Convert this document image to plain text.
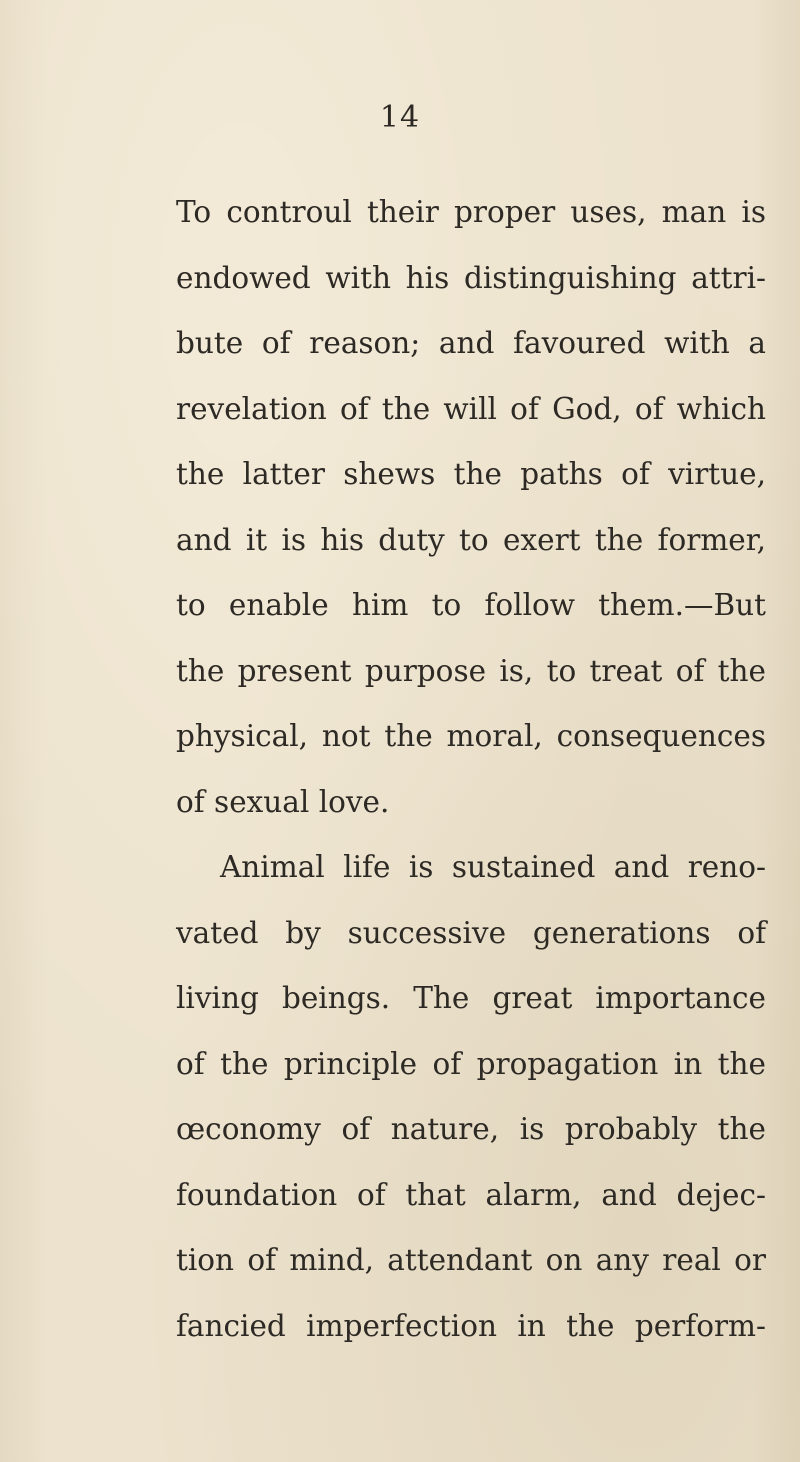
14
To controul their proper uses, man is
endowed with his distinguishing attri-
bute of reason; and favoured with a
revelation of the will of God, of which
the latter shews the paths of virtue,
and it is his duty to exert the former,
to enable him to follow them.—But
the present purpose is, to treat of the
physical, not the moral, consequences
of sexual love.
Animal life is sustained and reno-
vated by successive generations of
living beings. The great importance
of the principle of propagation in the
œconomy of nature, is probably the
foundation of that alarm, and dejec-
tion of mind, attendant on any real or
fancied imperfection in the perform-
